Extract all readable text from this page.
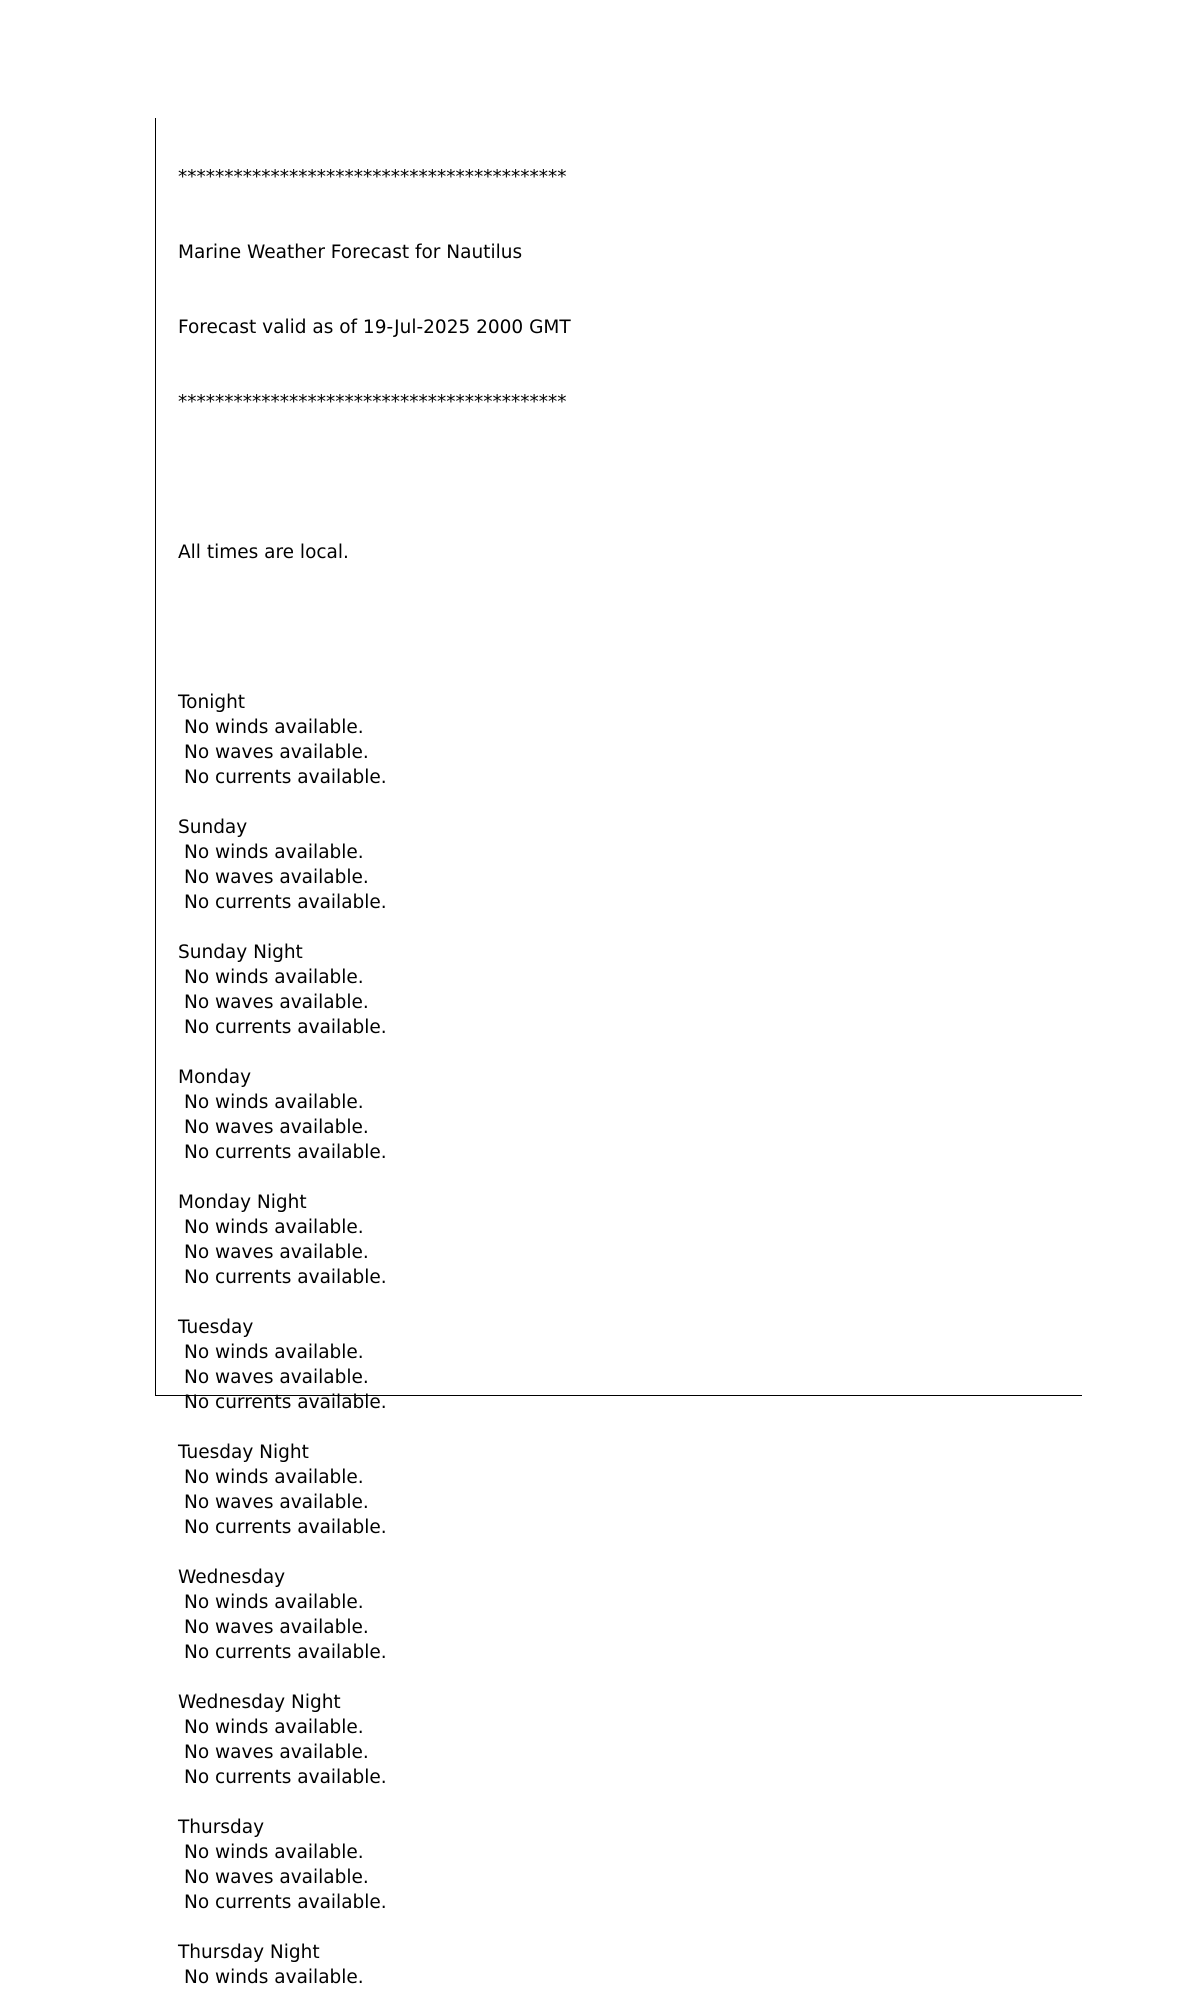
******************************************

Marine Weather Forecast for Nautilus

Forecast valid as of 19-Jul-2025 2000 GMT

******************************************

All times are local.

Tonight
No winds available.
No waves available.
No currents available.
Sunday
No winds available.
No waves available.
No currents available.
Sunday Night
No winds available.
No waves available.
No currents available.
Monday
No winds available.
No waves available.
No currents available.
Monday Night
No winds available.
No waves available.
No currents available.
Tuesday
No winds available.
No waves available.
No currents available.
Tuesday Night
No winds available.
No waves available.
No currents available.
Wednesday
No winds available.
No waves available.
No currents available.
Wednesday Night
No winds available.
No waves available.
No currents available.
Thursday
No winds available.
No waves available.
No currents available.
Thursday Night
No winds available.
